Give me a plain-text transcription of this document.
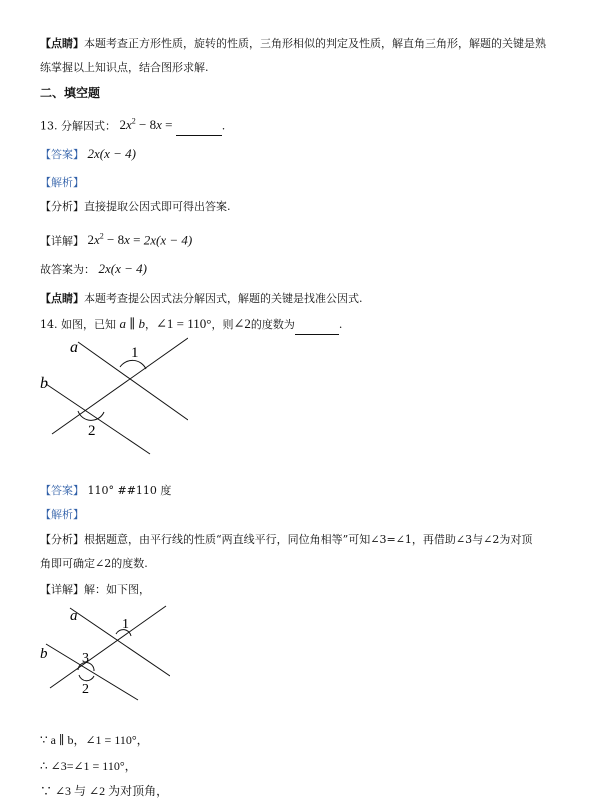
【点睛】本题考查正方形性质，旋转的性质，三角形相似的判定及性质，解直角三角形，解题的关键是熟
练掌握以上知识点，结合图形求解.
二、填空题
13. 分解因式： $2x^2 - 8x$ =	.
【答案】 2x(x − 4)
【解析】
【分析】直接提取公因式即可得出答案.
【详解】 $2x^2 - 8x = 2x(x - 4)$
故答案为： 2x(x − 4)
【点睛】本题考查提公因式法分解因式，解题的关键是找准公因式.
14. 如图，已知 a ∥ b，∠1 = 110°，则∠2的度数为	.
a
b
1
2
【答案】 110° ##110 度
【解析】
【分析】根据题意，由平行线的性质“两直线平行，同位角相等”可知∠3=∠1，再借助∠3与∠2为对顶
角即可确定∠2的度数.
【详解】解：如下图，
a
b
1
3
2
∵ a ∥ b，∠1 = 110°，
∴ ∠3=∠1 = 110°，
∵ ∠3 与 ∠2 为对顶角，
